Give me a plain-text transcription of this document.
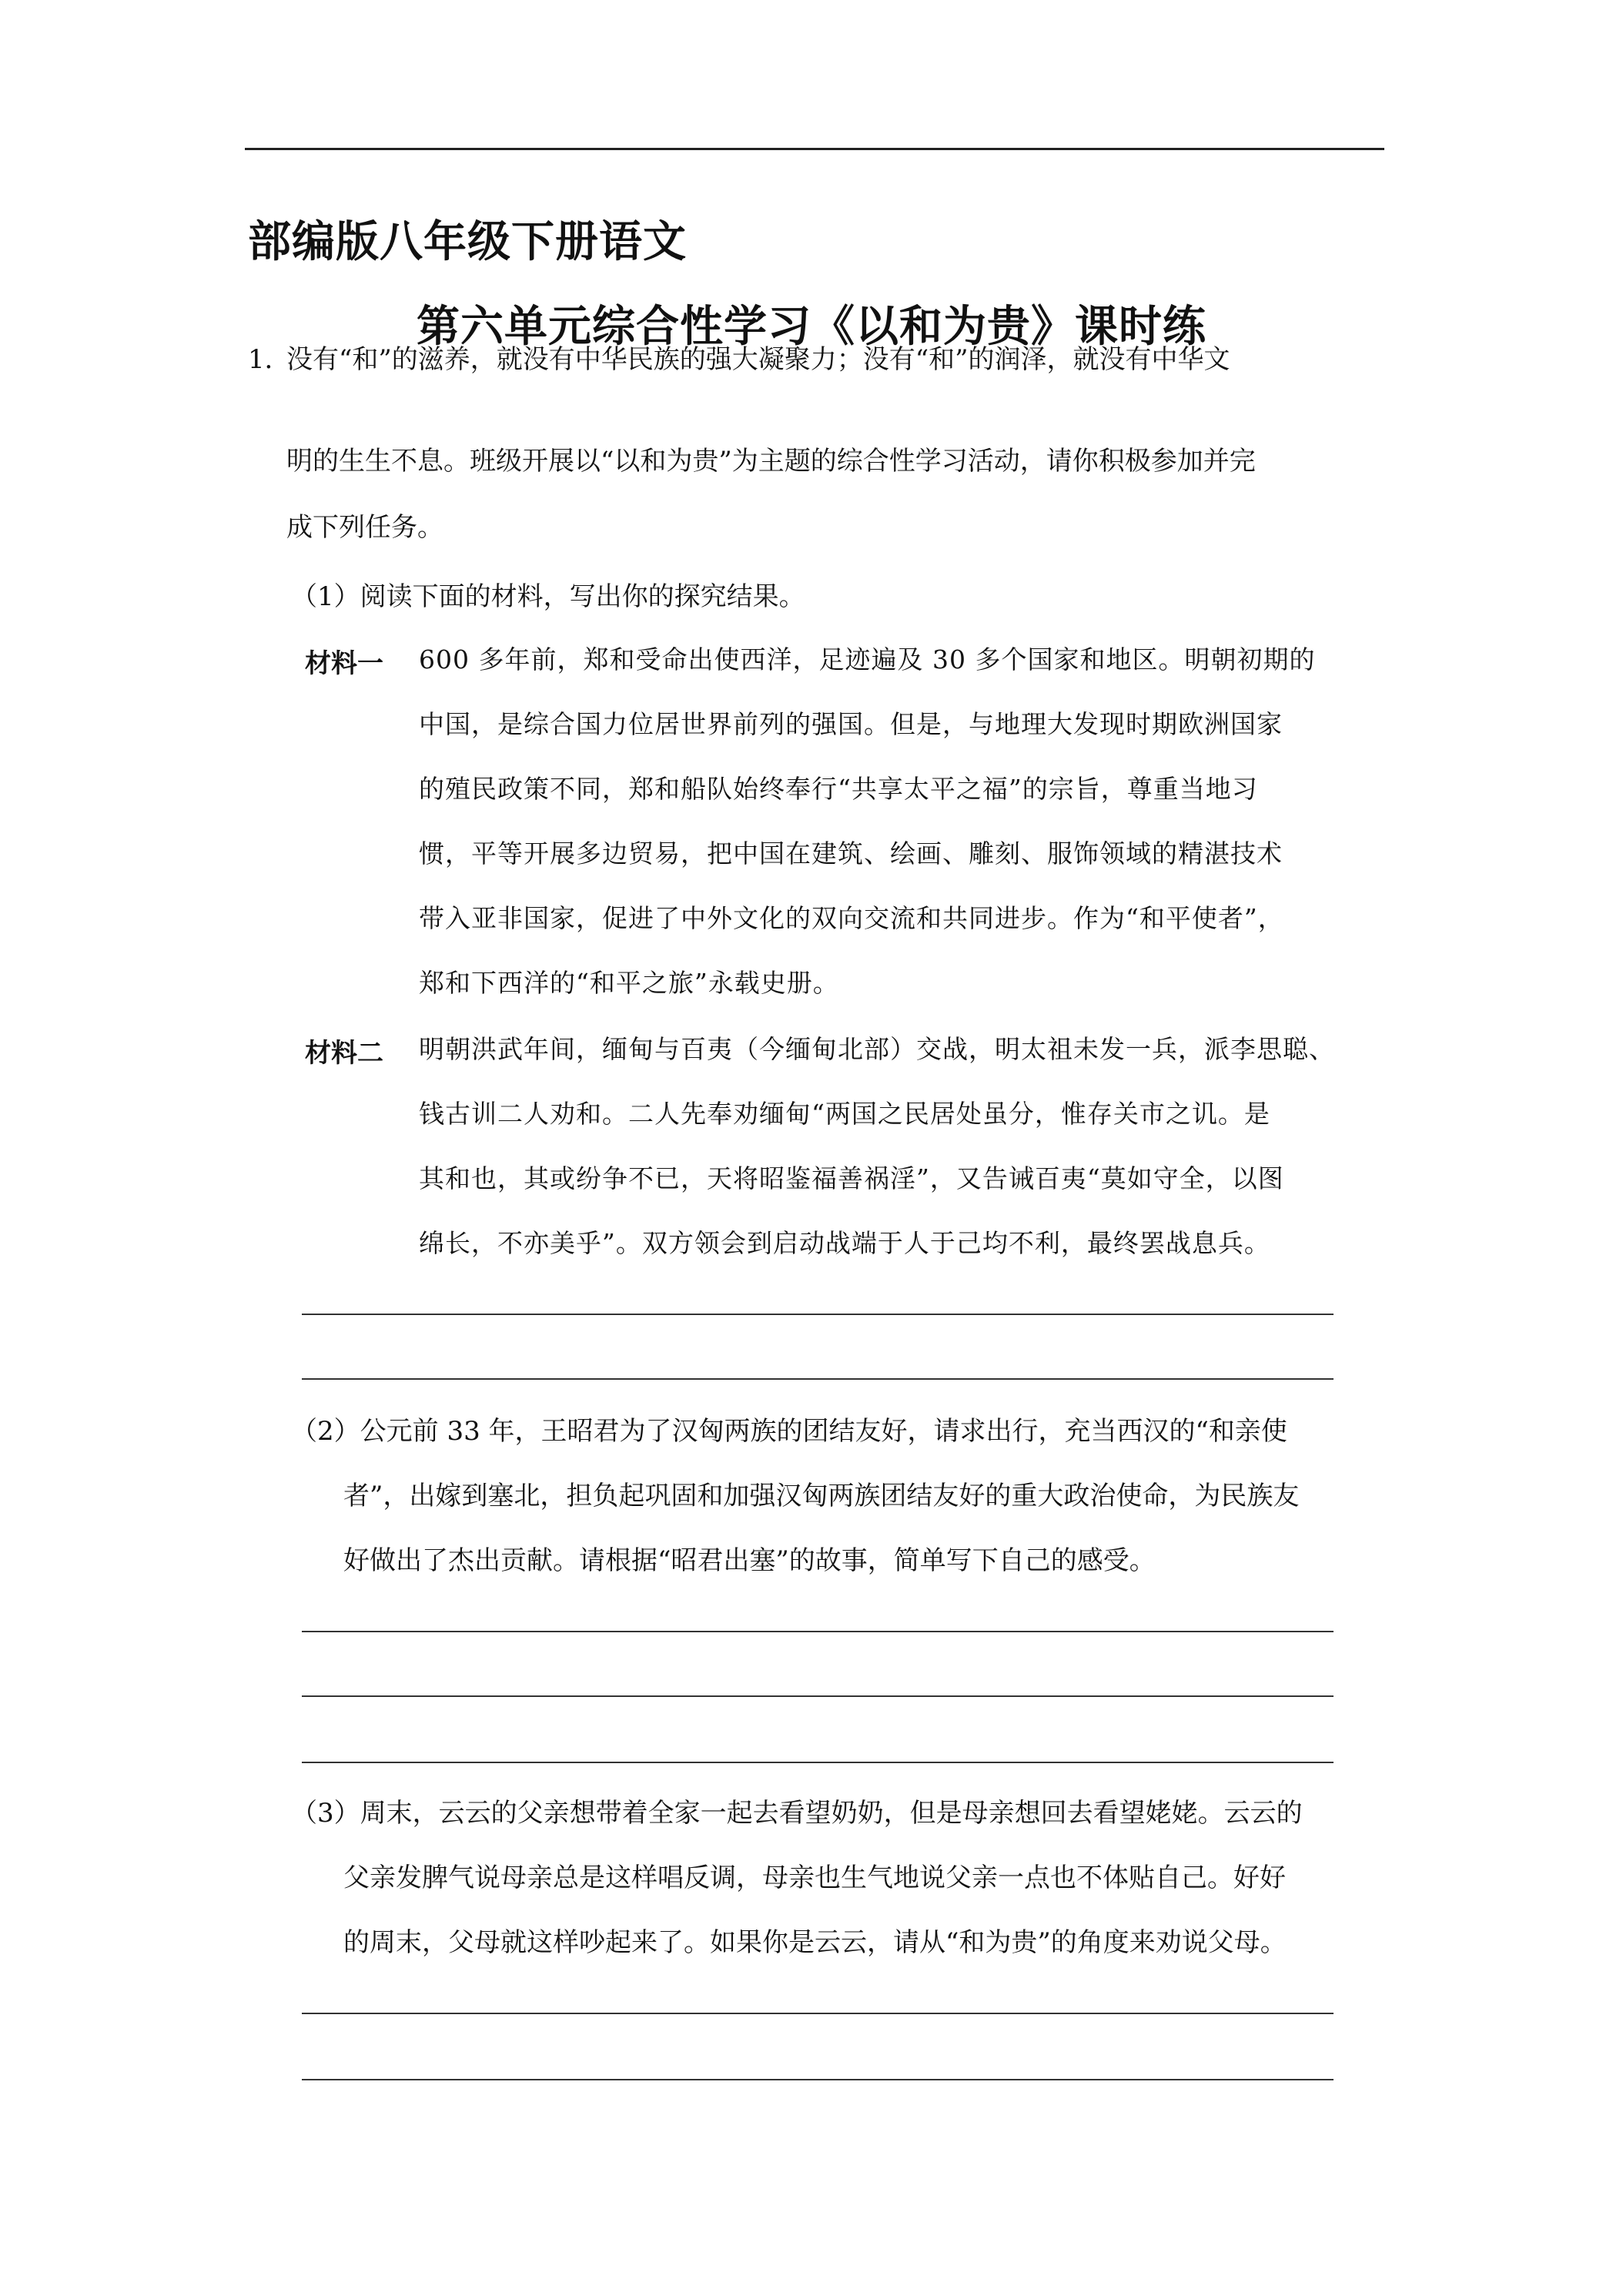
部编版八年级下册语文
第六单元综合性学习《以和为贵》课时练
1．
没有“和”的滋养，就没有中华民族的强大凝聚力；没有“和”的润泽，就没有中华文
明的生生不息。班级开展以“以和为贵”为主题的综合性学习活动，请你积极参加并完
成下列任务。
（1）阅读下面的材料，写出你的探究结果。
材料一 600 多年前，郑和受命出使西洋，足迹遍及 30 多个国家和地区。明朝初期的
中国，是综合国力位居世界前列的强国。但是，与地理大发现时期欧洲国家
的殖民政策不同，郑和船队始终奉行“共享太平之福”的宗旨，尊重当地习
惯，平等开展多边贸易，把中国在建筑、绘画、雕刻、服饰领域的精湛技术
带入亚非国家，促进了中外文化的双向交流和共同进步。作为“和平使者”，
郑和下西洋的“和平之旅”永载史册。
材料二 明朝洪武年间，缅甸与百夷（今缅甸北部）交战，明太祖未发一兵，派李思聪、
钱古训二人劝和。二人先奉劝缅甸“两国之民居处虽分，惟存关市之讥。是
其和也，其或纷争不已，天将昭鉴福善祸淫”，又告诫百夷“莫如守全，以图
绵长，不亦美乎”。双方领会到启动战端于人于己均不利，最终罢战息兵。
（2）公元前 33 年，王昭君为了汉匈两族的团结友好，请求出行，充当西汉的“和亲使
者”，出嫁到塞北，担负起巩固和加强汉匈两族团结友好的重大政治使命，为民族友
好做出了杰出贡献。请根据“昭君出塞”的故事，简单写下自己的感受。
（3）周末，云云的父亲想带着全家一起去看望奶奶，但是母亲想回去看望姥姥。云云的
父亲发脾气说母亲总是这样唱反调，母亲也生气地说父亲一点也不体贴自己。好好
的周末，父母就这样吵起来了。如果你是云云，请从“和为贵”的角度来劝说父母。
